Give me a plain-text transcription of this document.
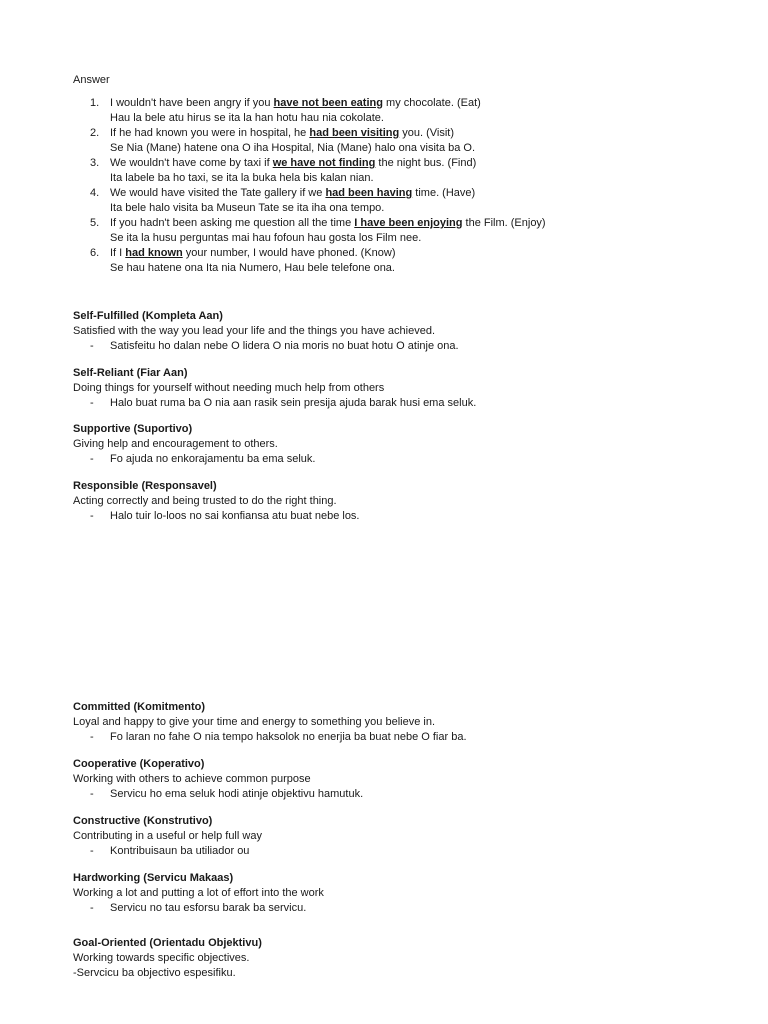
Answer
1. I wouldn't have been angry if you have not been eating my chocolate. (Eat)
Hau la bele atu hirus se ita la han hotu hau nia cokolate.
2. If he had known you were in hospital, he had been visiting you. (Visit)
Se Nia (Mane) hatene ona O iha Hospital, Nia (Mane) halo ona visita ba O.
3. We wouldn't have come by taxi if we have not finding the night bus. (Find)
Ita labele ba ho taxi, se ita la buka hela bis kalan nian.
4. We would have visited the Tate gallery if we had been having time. (Have)
Ita bele halo visita ba Museun Tate se ita iha ona tempo.
5. If you hadn't been asking me question all the time I have been enjoying the Film. (Enjoy)
Se ita la husu perguntas mai hau fofoun hau gosta los Film nee.
6. If I had known your number, I would have phoned. (Know)
Se hau hatene ona Ita nia Numero, Hau bele telefone ona.
Self-Fulfilled (Kompleta Aan)
Satisfied with the way you lead your life and the things you have achieved.
- Satisfeitu ho dalan nebe O lidera O nia moris no buat hotu O atinje ona.
Self-Reliant (Fiar Aan)
Doing things for yourself without needing much help from others
- Halo buat ruma ba O nia aan rasik sein presija ajuda barak husi ema seluk.
Supportive (Suportivo)
Giving help and encouragement to others.
- Fo ajuda no enkorajamentu ba ema seluk.
Responsible (Responsavel)
Acting correctly and being trusted to do the right thing.
- Halo tuir lo-loos no sai konfiansa atu buat nebe los.
Committed (Komitmento)
Loyal and happy to give your time and energy to something you believe in.
- Fo laran no fahe O nia tempo haksolok no enerjia ba buat nebe O fiar ba.
Cooperative (Koperativo)
Working with others to achieve common purpose
- Servicu ho ema seluk hodi atinje objektivu hamutuk.
Constructive (Konstrutivo)
Contributing in a useful or help full way
- Kontribuisaun ba utiliador ou
Hardworking (Servicu Makaas)
Working a lot and putting a lot of effort into the work
- Servicu no tau esforsu barak ba servicu.
Goal-Oriented (Orientadu Objektivu)
Working towards specific objectives.
-Servcicu ba objectivo espesifiku.
